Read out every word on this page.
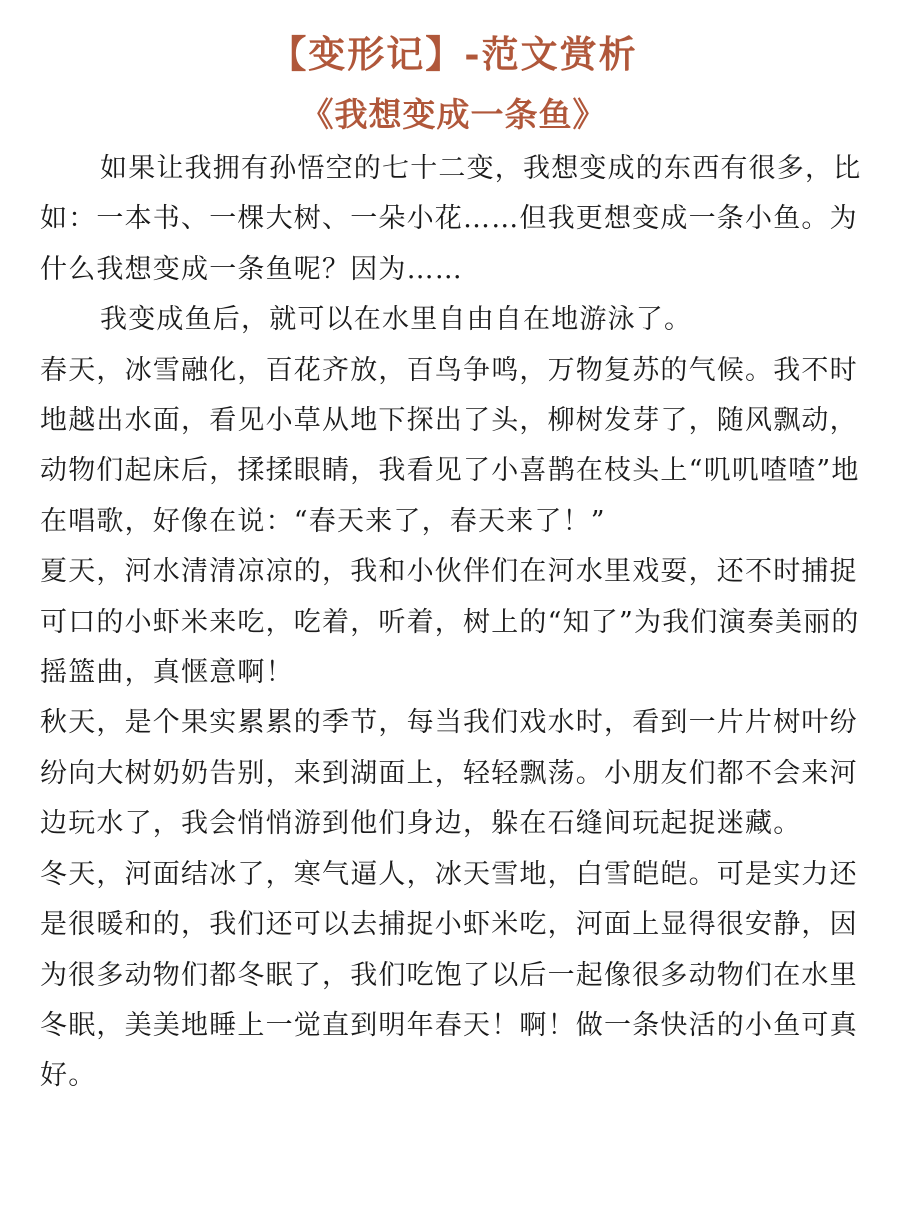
【变形记】-范文赏析
《我想变成一条鱼》

如果让我拥有孙悟空的七十二变，我想变成的东西有很多，比如：一本书、一棵大树、一朵小花……但我更想变成一条小鱼。为什么我想变成一条鱼呢？因为……

我变成鱼后，就可以在水里自由自在地游泳了。

春天，冰雪融化，百花齐放，百鸟争鸣，万物复苏的气候。我不时地越出水面，看见小草从地下探出了头，柳树发芽了，随风飘动，动物们起床后，揉揉眼睛，我看见了小喜鹊在枝头上“叽叽喳喳”地在唱歌，好像在说：“春天来了，春天来了！”

夏天，河水清清凉凉的，我和小伙伴们在河水里戏耍，还不时捕捉可口的小虾米来吃，吃着，听着，树上的“知了”为我们演奏美丽的摇篮曲，真惬意啊！

秋天，是个果实累累的季节，每当我们戏水时，看到一片片树叶纷纷向大树奶奶告别，来到湖面上，轻轻飘荡。小朋友们都不会来河边玩水了，我会悄悄游到他们身边，躲在石缝间玩起捉迷藏。

冬天，河面结冰了，寒气逼人，冰天雪地，白雪皑皑。可是实力还是很暖和的，我们还可以去捕捉小虾米吃，河面上显得很安静，因为很多动物们都冬眠了，我们吃饱了以后一起像很多动物们在水里冬眠，美美地睡上一觉直到明年春天！啊！做一条快活的小鱼可真好。
